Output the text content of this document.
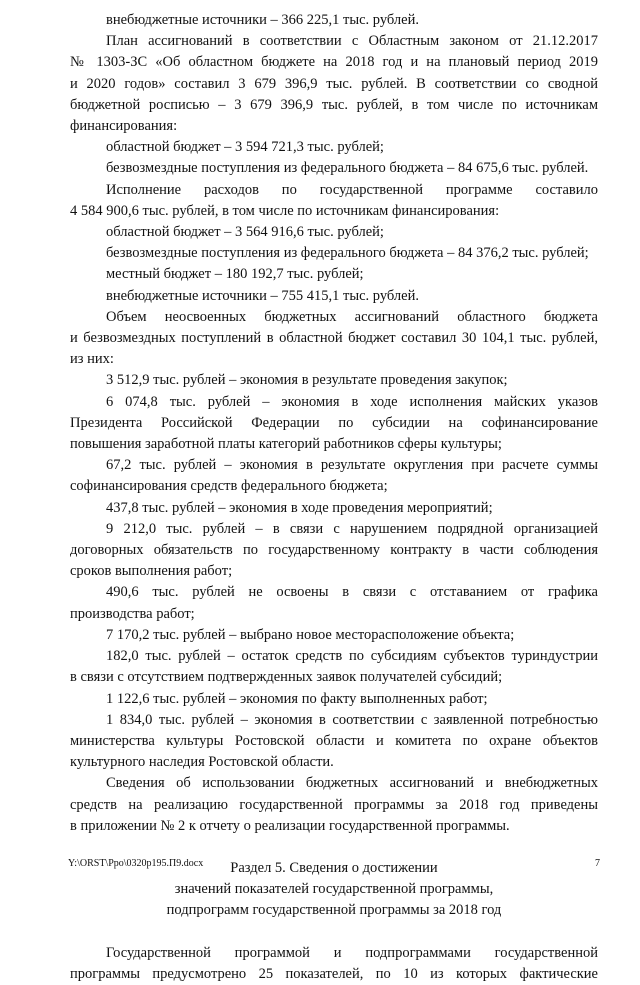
внебюджетные источники – 366 225,1 тыс. рублей.
План ассигнований в соответствии с Областным законом от 21.12.2017
№ 1303-ЗС «Об областном бюджете на 2018 год и на плановый период 2019
и 2020 годов» составил 3 679 396,9 тыс. рублей. В соответствии со сводной
бюджетной росписью – 3 679 396,9 тыс. рублей, в том числе по источникам
финансирования:
областной бюджет – 3 594 721,3 тыс. рублей;
безвозмездные поступления из федерального бюджета – 84 675,6 тыс. рублей.
Исполнение расходов по государственной программе составило
4 584 900,6 тыс. рублей, в том числе по источникам финансирования:
областной бюджет – 3 564 916,6 тыс. рублей;
безвозмездные поступления из федерального бюджета – 84 376,2 тыс. рублей;
местный бюджет – 180 192,7 тыс. рублей;
внебюджетные источники – 755 415,1 тыс. рублей.
Объем неосвоенных бюджетных ассигнований областного бюджета
и безвозмездных поступлений в областной бюджет составил 30 104,1 тыс. рублей,
из них:
3 512,9 тыс. рублей – экономия в результате проведения закупок;
6 074,8 тыс. рублей – экономия в ходе исполнения майских указов
Президента Российской Федерации по субсидии на софинансирование
повышения заработной платы категорий работников сферы культуры;
67,2 тыс. рублей – экономия в результате округления при расчете суммы
софинансирования средств федерального бюджета;
437,8 тыс. рублей – экономия в ходе проведения мероприятий;
9 212,0 тыс. рублей – в связи с нарушением подрядной организацией
договорных обязательств по государственному контракту в части соблюдения
сроков выполнения работ;
490,6 тыс. рублей не освоены в связи с отставанием от графика
производства работ;
7 170,2 тыс. рублей – выбрано новое месторасположение объекта;
182,0 тыс. рублей – остаток средств по субсидиям субъектов туриндустрии
в связи с отсутствием подтвержденных заявок получателей субсидий;
1 122,6 тыс. рублей – экономия по факту выполненных работ;
1 834,0 тыс. рублей – экономия в соответствии с заявленной потребностью
министерства культуры Ростовской области и комитета по охране объектов
культурного наследия Ростовской области.
Сведения об использовании бюджетных ассигнований и внебюджетных
средств на реализацию государственной программы за 2018 год приведены
в приложении № 2 к отчету о реализации государственной программы.
Раздел 5. Сведения о достижении
значений показателей государственной программы,
подпрограмм государственной программы за 2018 год
Государственной программой и подпрограммами государственной
программы предусмотрено 25 показателей, по 10 из которых фактические
Y:\ORST\Ppo\0320p195.П9.docx	7
